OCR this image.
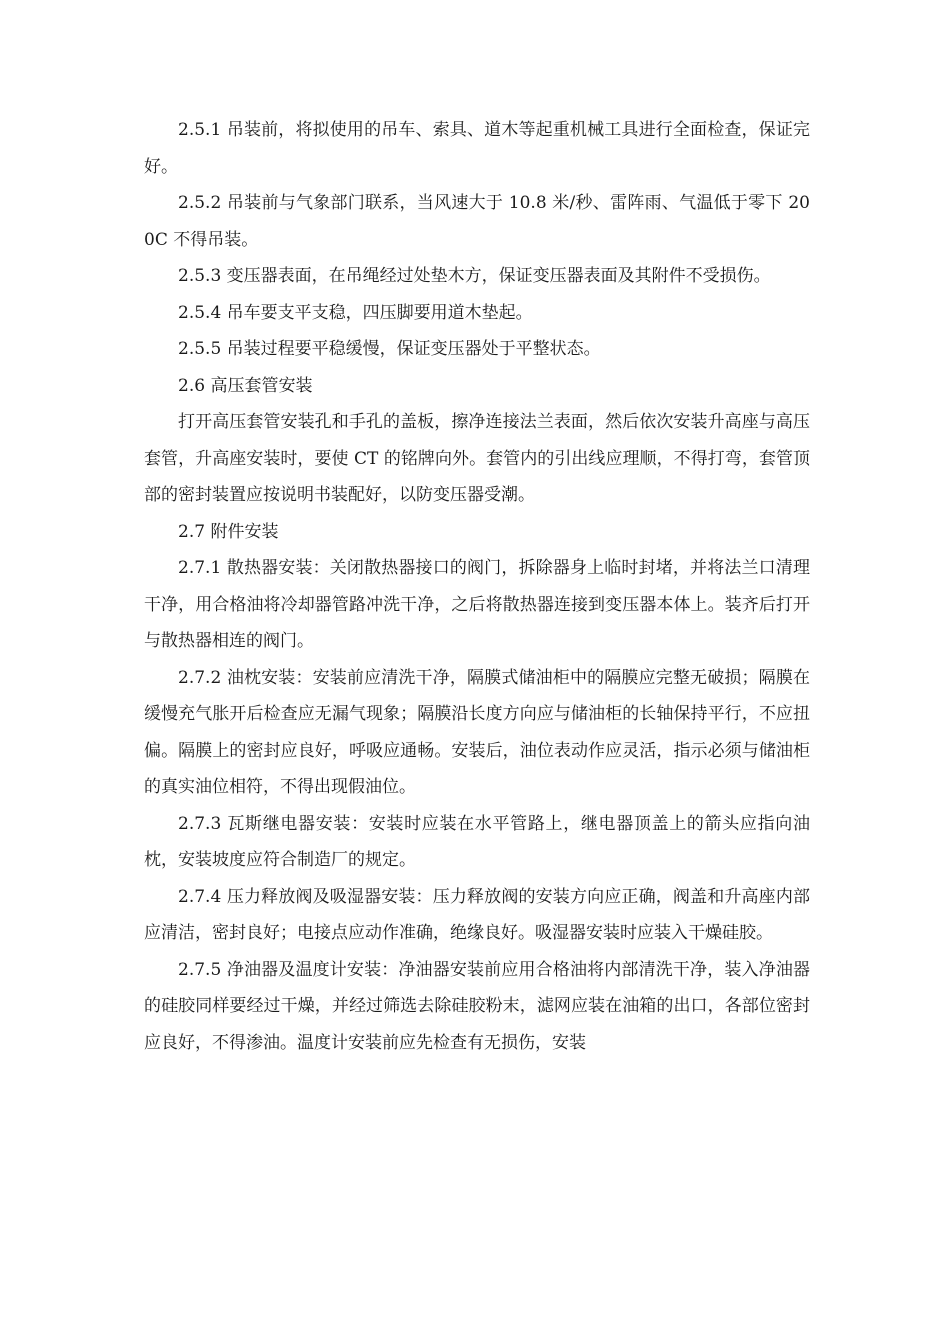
2.5.1 吊装前，将拟使用的吊车、索具、道木等起重机械工具进行全面检查，保证完好。

2.5.2 吊装前与气象部门联系，当风速大于 10.8 米/秒、雷阵雨、气温低于零下 200C 不得吊装。

2.5.3 变压器表面，在吊绳经过处垫木方，保证变压器表面及其附件不受损伤。

2.5.4 吊车要支平支稳，四压脚要用道木垫起。

2.5.5 吊装过程要平稳缓慢，保证变压器处于平整状态。

2.6 高压套管安装

打开高压套管安装孔和手孔的盖板，擦净连接法兰表面，然后依次安装升高座与高压套管，升高座安装时，要使 CT 的铭牌向外。套管内的引出线应理顺，不得打弯，套管顶部的密封装置应按说明书装配好，以防变压器受潮。

2.7 附件安装

2.7.1 散热器安装：关闭散热器接口的阀门，拆除器身上临时封堵，并将法兰口清理干净，用合格油将冷却器管路冲洗干净，之后将散热器连接到变压器本体上。装齐后打开与散热器相连的阀门。

2.7.2 油枕安装：安装前应清洗干净，隔膜式储油柜中的隔膜应完整无破损；隔膜在缓慢充气胀开后检查应无漏气现象；隔膜沿长度方向应与储油柜的长轴保持平行，不应扭偏。隔膜上的密封应良好，呼吸应通畅。安装后，油位表动作应灵活，指示必须与储油柜的真实油位相符，不得出现假油位。

2.7.3 瓦斯继电器安装：安装时应装在水平管路上，继电器顶盖上的箭头应指向油枕，安装坡度应符合制造厂的规定。

2.7.4 压力释放阀及吸湿器安装：压力释放阀的安装方向应正确，阀盖和升高座内部应清洁，密封良好；电接点应动作准确，绝缘良好。吸湿器安装时应装入干燥硅胶。

2.7.5 净油器及温度计安装：净油器安装前应用合格油将内部清洗干净，装入净油器的硅胶同样要经过干燥，并经过筛选去除硅胶粉末，滤网应装在油箱的出口，各部位密封应良好，不得渗油。温度计安装前应先检查有无损伤，安装
